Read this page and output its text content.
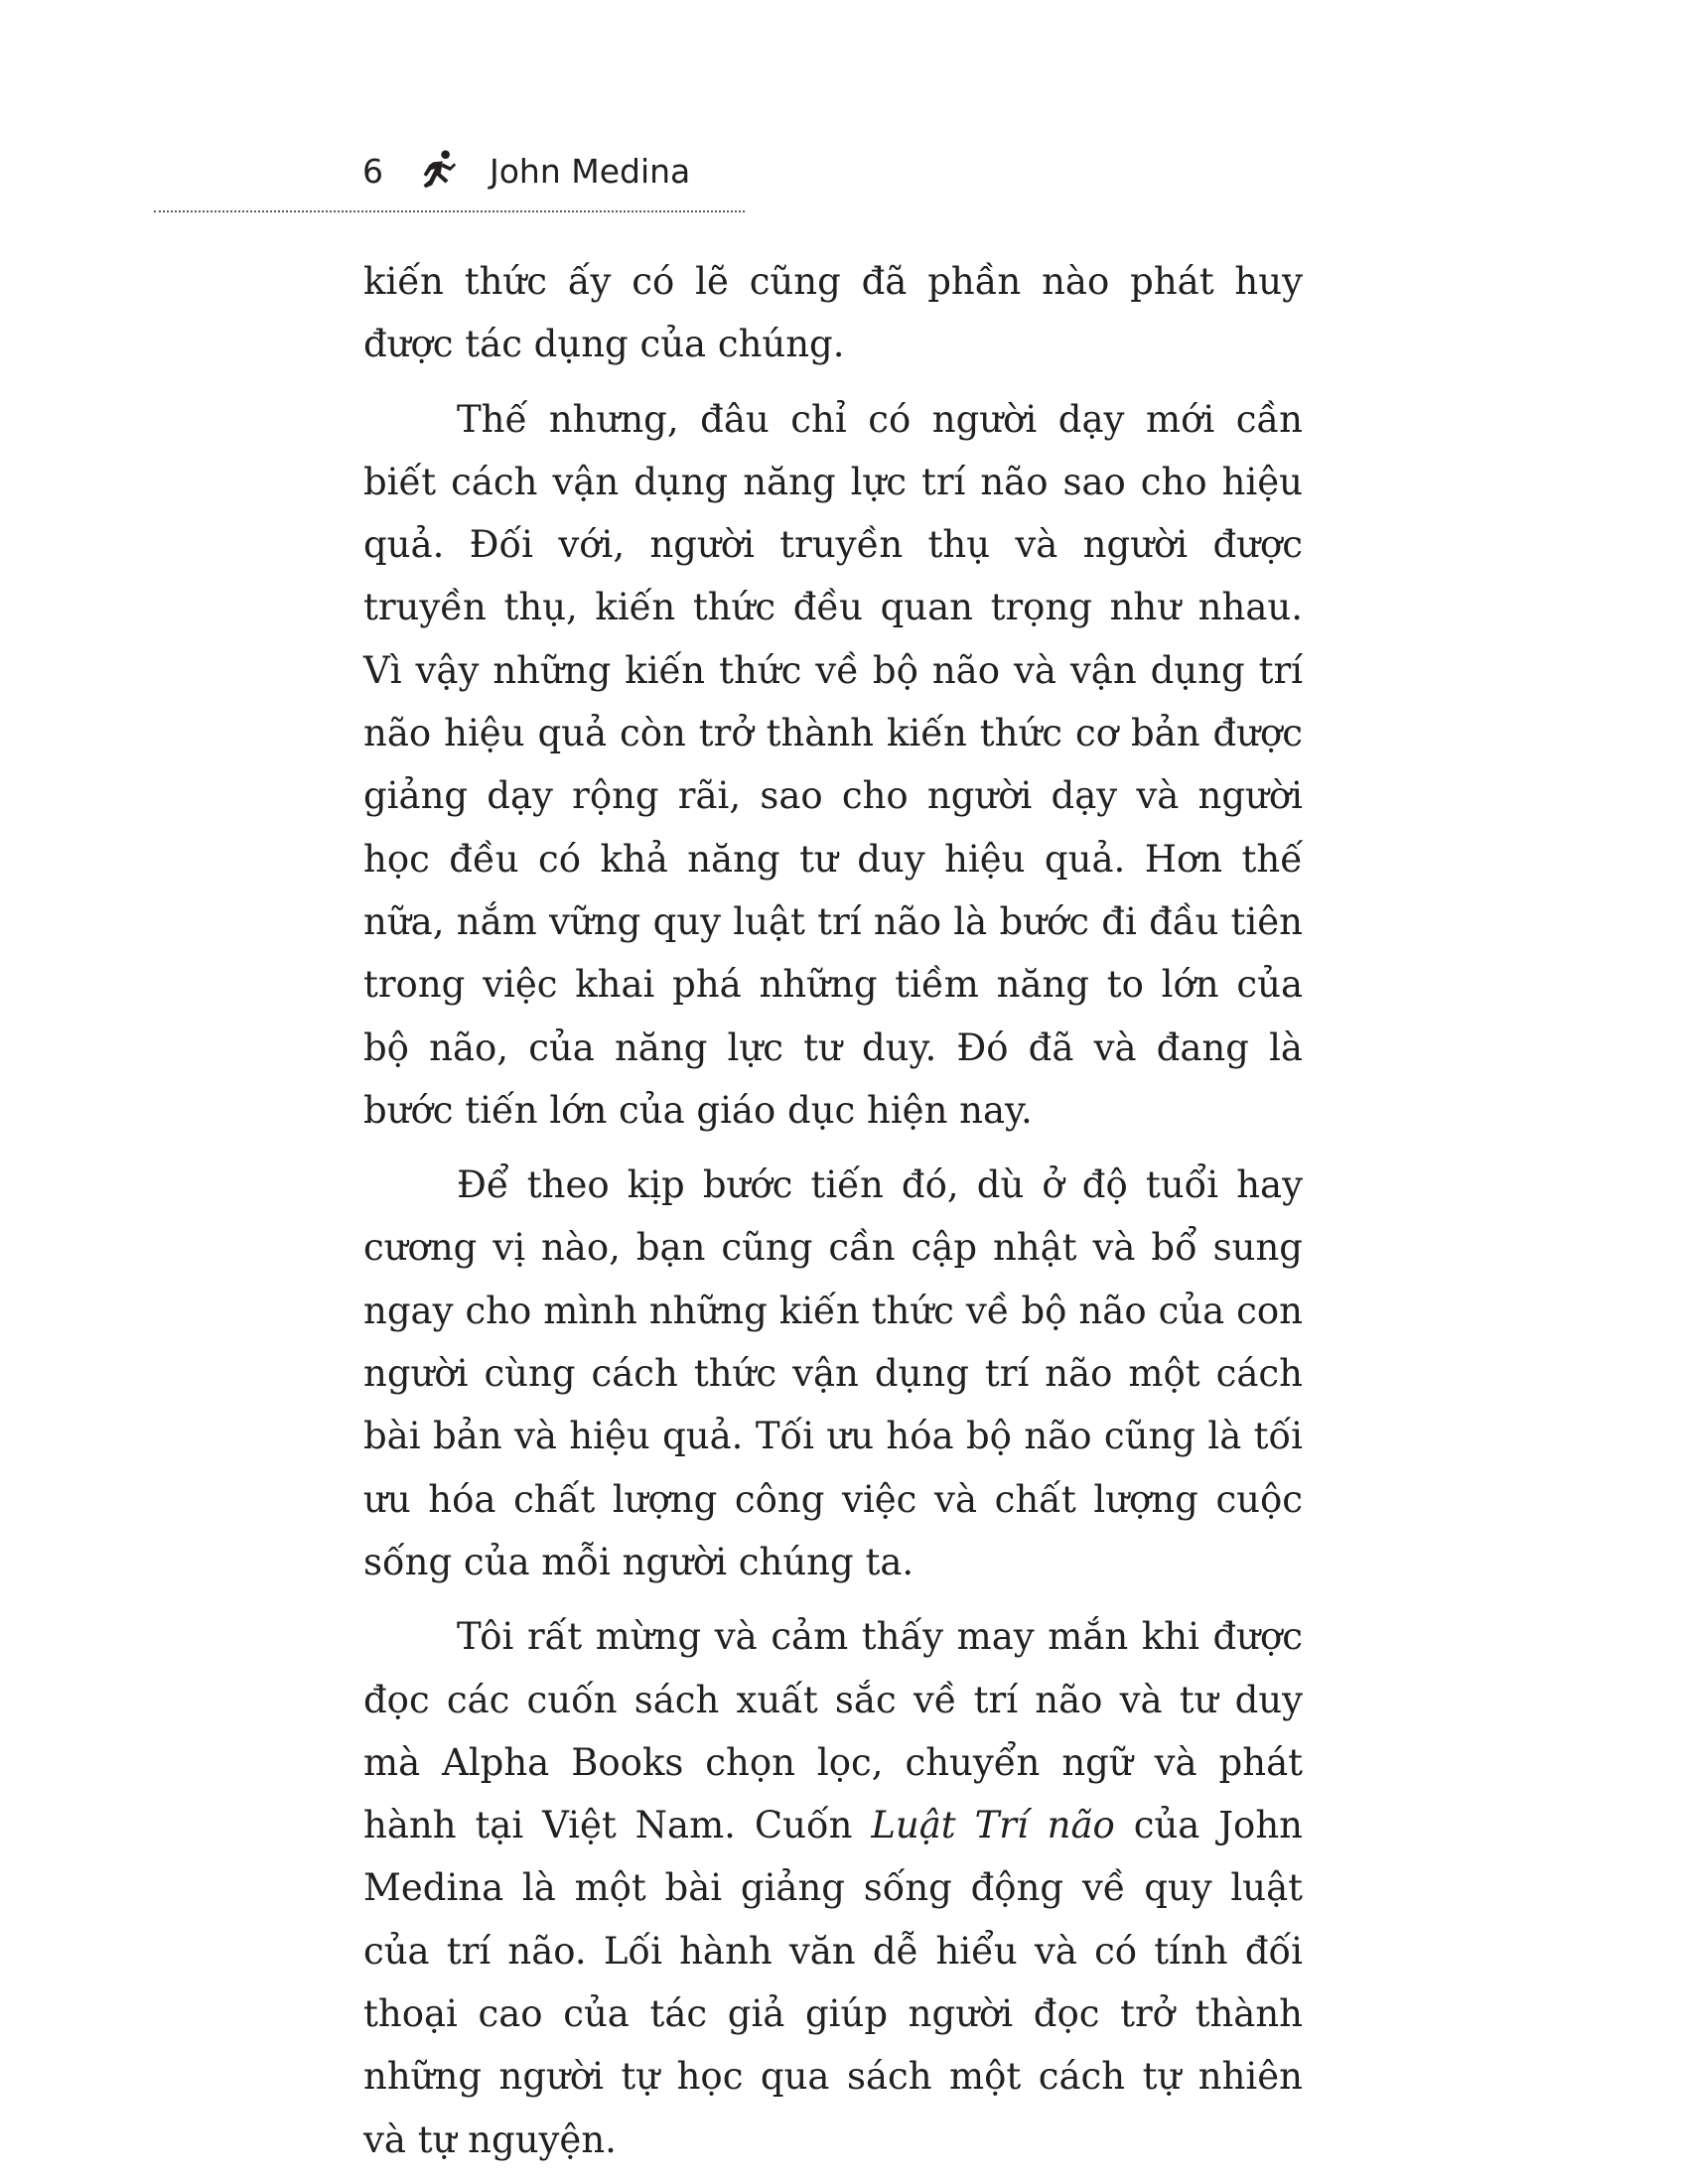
6	John Medina

kiến thức ấy có lẽ cũng đã phần nào phát huy được tác dụng của chúng.

Thế nhưng, đâu chỉ có người dạy mới cần biết cách vận dụng năng lực trí não sao cho hiệu quả. Đối với, người truyền thụ và người được truyền thụ, kiến thức đều quan trọng như nhau. Vì vậy những kiến thức về bộ não và vận dụng trí não hiệu quả còn trở thành kiến thức cơ bản được giảng dạy rộng rãi, sao cho người dạy và người học đều có khả năng tư duy hiệu quả. Hơn thế nữa, nắm vững quy luật trí não là bước đi đầu tiên trong việc khai phá những tiềm năng to lớn của bộ não, của năng lực tư duy. Đó đã và đang là bước tiến lớn của giáo dục hiện nay.

Để theo kịp bước tiến đó, dù ở độ tuổi hay cương vị nào, bạn cũng cần cập nhật và bổ sung ngay cho mình những kiến thức về bộ não của con người cùng cách thức vận dụng trí não một cách bài bản và hiệu quả. Tối ưu hóa bộ não cũng là tối ưu hóa chất lượng công việc và chất lượng cuộc sống của mỗi người chúng ta.

Tôi rất mừng và cảm thấy may mắn khi được đọc các cuốn sách xuất sắc về trí não và tư duy mà Alpha Books chọn lọc, chuyển ngữ và phát hành tại Việt Nam. Cuốn Luật Trí não của John Medina là một bài giảng sống động về quy luật của trí não. Lối hành văn dễ hiểu và có tính đối thoại cao của tác giả giúp người đọc trở thành những người tự học qua sách một cách tự nhiên và tự nguyện.
